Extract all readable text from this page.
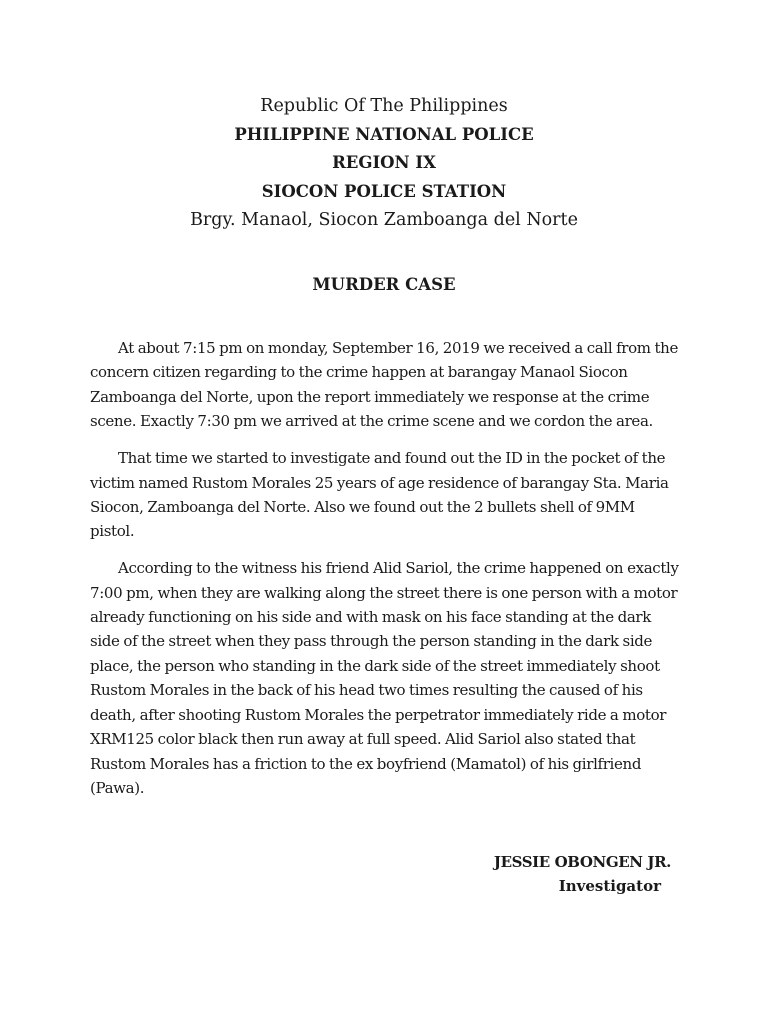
Republic Of The Philippines
PHILIPPINE NATIONAL POLICE
REGION IX
SIOCON POLICE STATION
Brgy. Manaol, Siocon Zamboanga del Norte
MURDER CASE

At about 7:15 pm on monday, September 16, 2019 we received a call from the concern citizen regarding to the crime happen at barangay Manaol Siocon Zamboanga del Norte, upon the report immediately we response at the crime scene. Exactly 7:30 pm we arrived at the crime scene and we cordon the area.

That time we started to investigate and found out the ID in the pocket of the victim named Rustom Morales 25 years of age residence of barangay Sta. Maria Siocon, Zamboanga del Norte. Also we found out the 2 bullets shell of 9MM pistol.

According to the witness his friend Alid Sariol, the crime happened on exactly 7:00 pm, when they are walking along the street there is one person with a motor already functioning on his side and with mask on his face standing at the dark side of the street when they pass through the person standing in the dark side place, the person who standing in the dark side of the street immediately shoot Rustom Morales in the back of his head two times resulting the caused of his death, after shooting Rustom Morales the perpetrator immediately ride a motor XRM125 color black then run away at full speed. Alid Sariol also stated that Rustom Morales has a friction to the ex boyfriend (Mamatol) of his girlfriend (Pawa).

JESSIE OBONGEN JR.
Investigator
